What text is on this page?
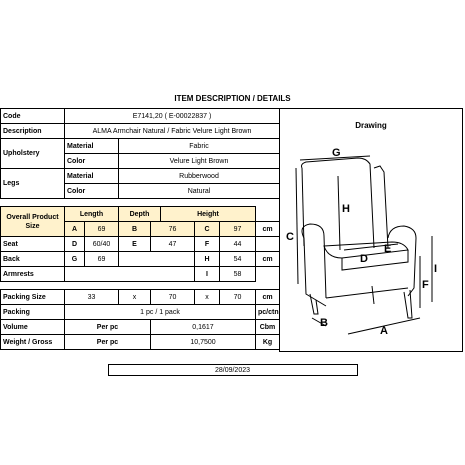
ITEM DESCRIPTION / DETAILS
Code	E7141,20 ( E-00022837 )							
Description	ALMA Armchair Natural / Fabric Velure Light Brown							
Upholstery	Material		Fabric					
	Color		Velure Light Brown					
Legs	Material		Rubberwood					
	Color		Natural					

Overall Product Size	Length		Depth		Height			
	A	69	B	76		C	97	cm
Seat	D	60/40	E	47		F	44	
Back	G	69				H	54	cm
Armrests						I	58	

Packing Size	33		x	70		x	70	cm
Packing	1 pc / 1 pack							pc/ctn
Volume	Per pc			0,1617				Cbm
Weight / Gross	Per pc			10,7500				Kg
Drawing
G
C
H
D
E
F
I
B
A
28/09/2023
